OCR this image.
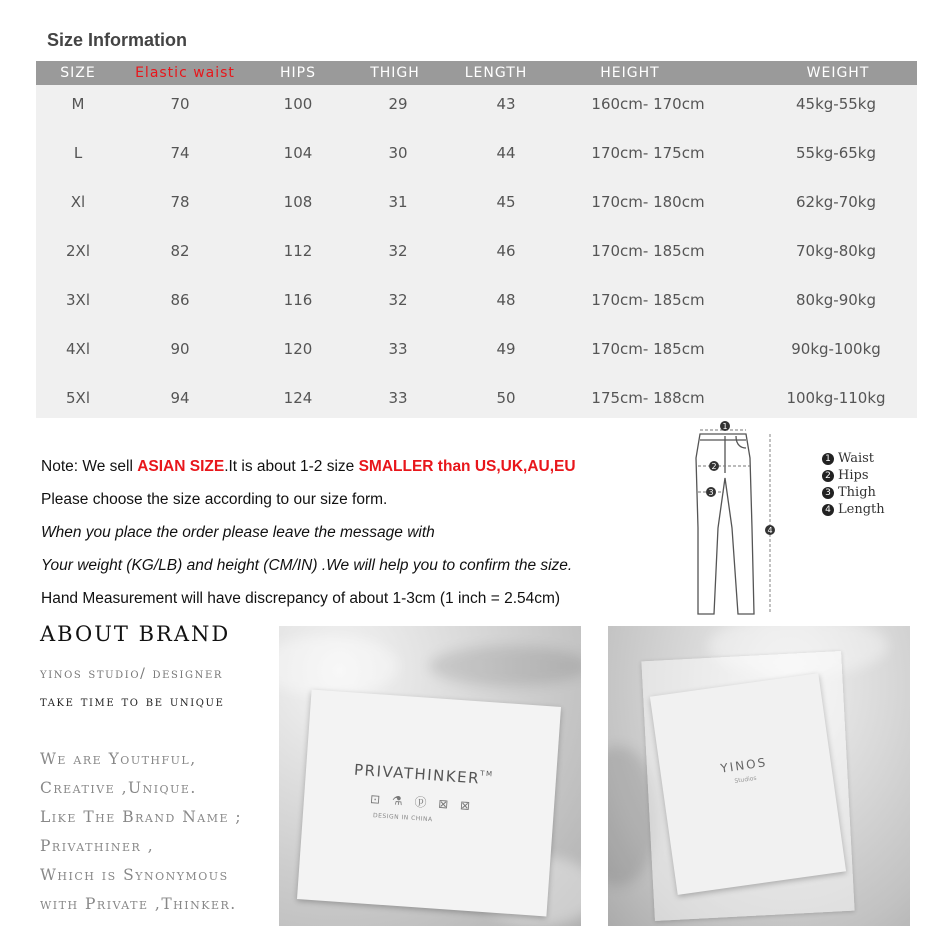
Size Information
SIZE	Elastic waist	HIPS	THIGH	LENGTH	HEIGHT	WEIGHT
M	70	100	29	43	160cm- 170cm	45kg-55kg
L	74	104	30	44	170cm- 175cm	55kg-65kg
Xl	78	108	31	45	170cm- 180cm	62kg-70kg
2Xl	82	112	32	46	170cm- 185cm	70kg-80kg
3Xl	86	116	32	48	170cm- 185cm	80kg-90kg
4Xl	90	120	33	49	170cm- 185cm	90kg-100kg
5Xl	94	124	33	50	175cm- 188cm	100kg-110kg
Note: We sell ASIAN SIZE.It is about 1-2 size SMALLER than US,UK,AU,EU
Please choose the size according to our size form.
When you place the order please leave the message with
Your weight (KG/LB) and height (CM/IN) .We will help you to confirm the size.
Hand Measurement will have discrepancy of about 1-3cm (1 inch = 2.54cm)
1
2
3
4
1 Waist
2 Hips
3 Thigh
4 Length
ABOUT BRAND
yinos studio/ designer
take time to be unique
We are Youthful,
Creative ,Unique.
Like The Brand Name ;
Privathiner ,
Which is Synonymous
with Private ,Thinker.
PRIVATHINKER™
⊡ ⚗ ⓟ ⊠ ⊠
DESIGN IN CHINA
YINOS
Studios
